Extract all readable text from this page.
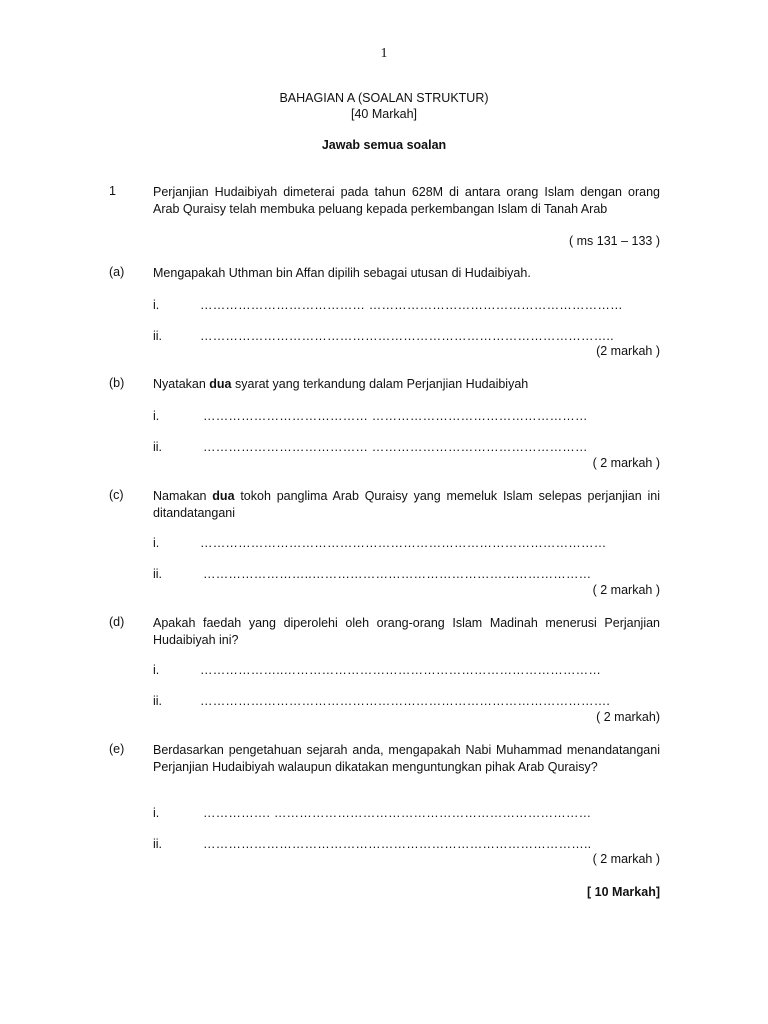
1
BAHAGIAN A (SOALAN STRUKTUR)
[40 Markah]
Jawab semua soalan
1	Perjanjian Hudaibiyah dimeterai pada tahun 628M di antara orang Islam dengan orang Arab Quraisy telah membuka peluang kepada perkembangan Islam di Tanah Arab
( ms 131 – 133 )
(a) Mengapakah Uthman bin Affan dipilih sebagai utusan di Hudaibiyah.
i.	………………………………… ……………………………………………………
ii.	……………………………………………………………………………………..
(2 markah )
(b) Nyatakan dua syarat yang terkandung dalam Perjanjian Hudaibiyah
i.	………………………………… ……………………………………………
ii.	………………………………… ……………………………………………
( 2 markah )
(c) Namakan dua tokoh panglima Arab Quraisy yang memeluk Islam selepas perjanjian ini ditandatangani
i.	……………………………………………………………………………………
ii.	……………………..…………………………………………………………
( 2 markah )
(d) Apakah faedah yang diperolehi oleh orang-orang Islam Madinah menerusi Perjanjian Hudaibiyah ini?
i.	………………..…………………………………………………………………
ii.	…………………………………………………………………………………….
( 2 markah)
(e) Berdasarkan pengetahuan sejarah anda, mengapakah Nabi Muhammad menandatangani Perjanjian Hudaibiyah walaupun dikatakan menguntungkan pihak Arab Quraisy?
i.	……………. …………………………………………………………………
ii.	………………………………………………………………………………..
( 2 markah )
[ 10 Markah]
